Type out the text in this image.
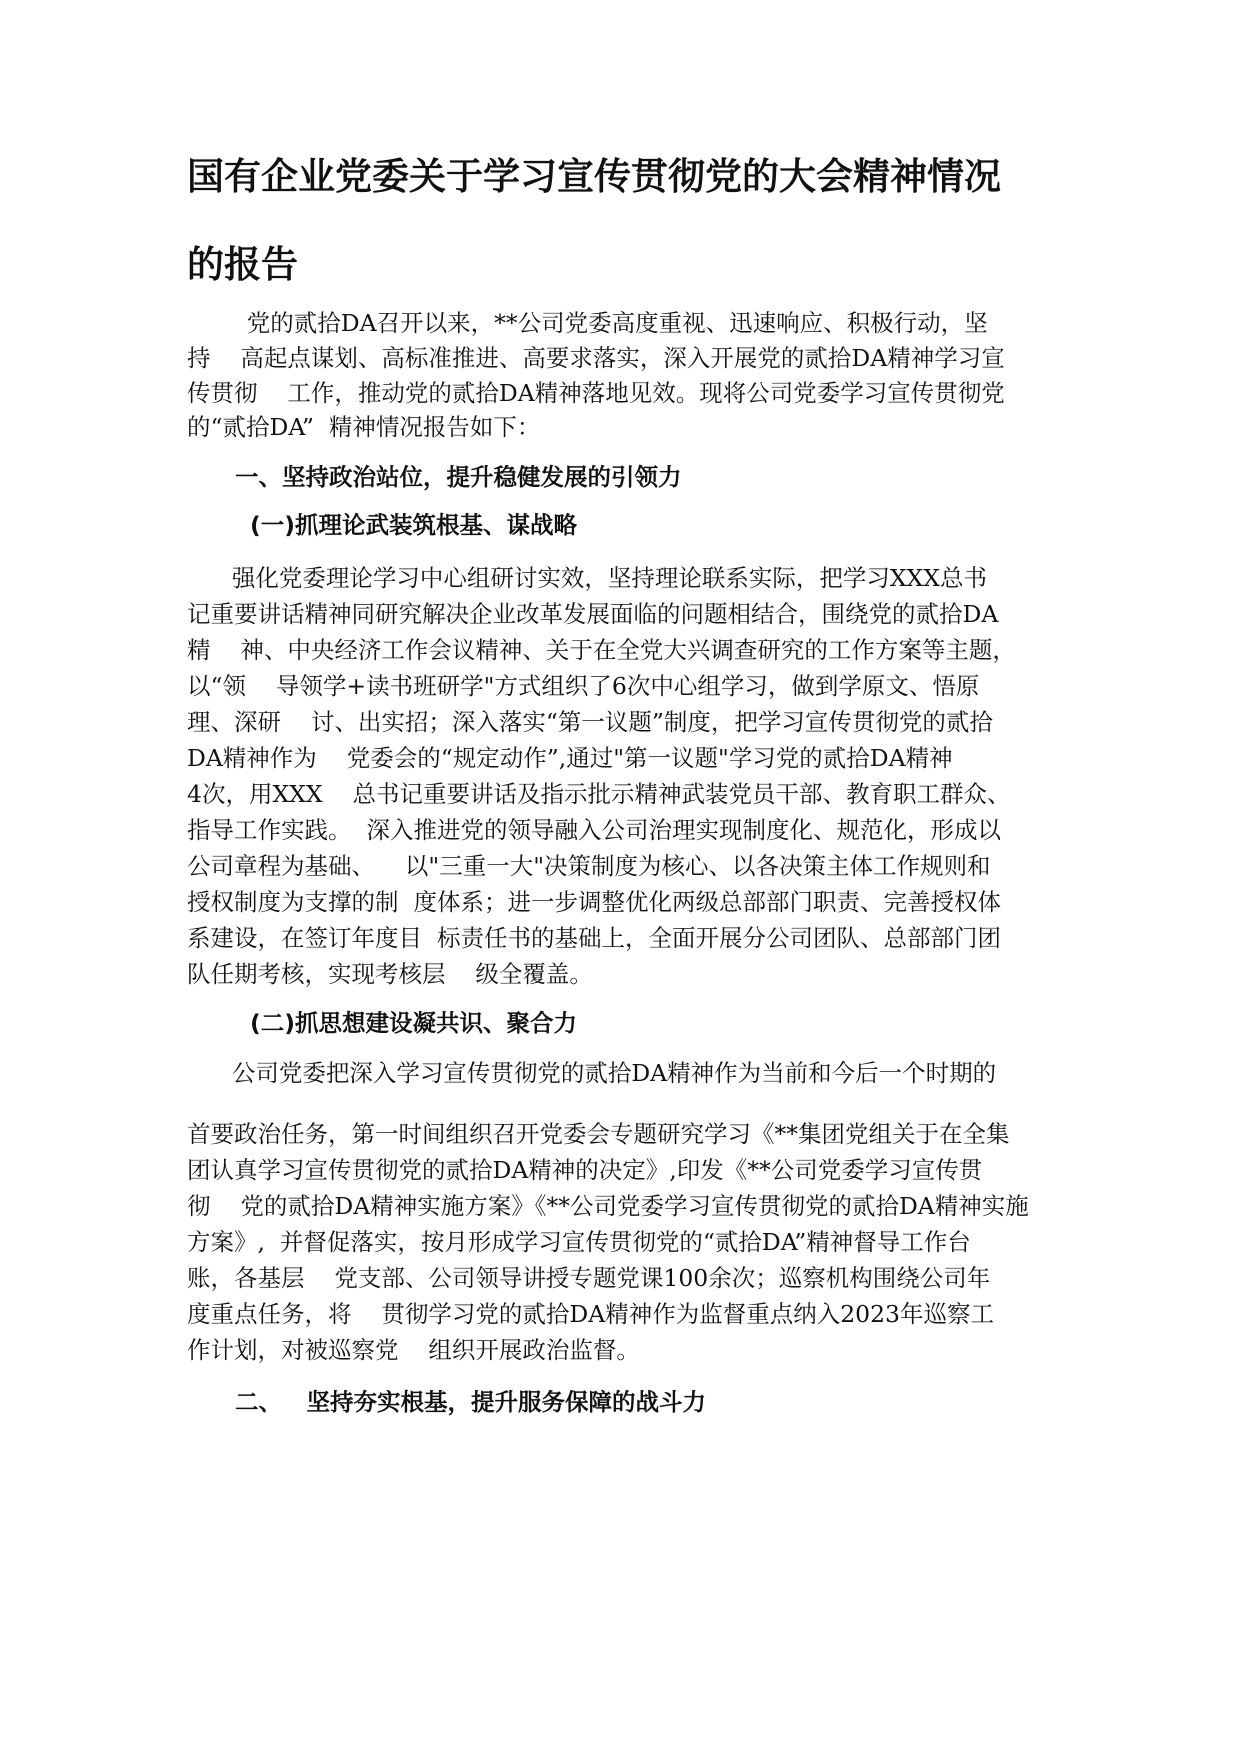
国有企业党委关于学习宣传贯彻党的大会精神情况
的报告
党的贰拾DA召开以来，**公司党委高度重视、迅速响应、积极行动，坚
持    高起点谋划、高标准推进、高要求落实，深入开展党的贰拾DA精神学习宣
传贯彻    工作，推动党的贰拾DA精神落地见效。现将公司党委学习宣传贯彻党
的“贰拾DA”  精神情况报告如下：
一、坚持政治站位，提升稳健发展的引领力
(一)抓理论武装筑根基、谋战略
强化党委理论学习中心组研讨实效，坚持理论联系实际，把学习XXX总书
记重要讲话精神同研究解决企业改革发展面临的问题相结合，围绕党的贰拾DA
精    神、中央经济工作会议精神、关于在全党大兴调查研究的工作方案等主题，
以“领    导领学+读书班研学"方式组织了6次中心组学习，做到学原文、悟原
理、深研    讨、出实招；深入落实“第一议题”制度，把学习宣传贯彻党的贰拾
DA精神作为    党委会的“规定动作”,通过"第一议题"学习党的贰拾DA精神
4次，用XXX    总书记重要讲话及指示批示精神武装党员干部、教育职工群众、
指导工作实践。  深入推进党的领导融入公司治理实现制度化、规范化，形成以
公司章程为基础、    以"三重一大"决策制度为核心、以各决策主体工作规则和
授权制度为支撑的制  度体系；进一步调整优化两级总部部门职责、完善授权体
系建设，在签订年度目  标责任书的基础上，全面开展分公司团队、总部部门团
队任期考核，实现考核层    级全覆盖。
(二)抓思想建设凝共识、聚合力
公司党委把深入学习宣传贯彻党的贰拾DA精神作为当前和今后一个时期的
首要政治任务，第一时间组织召开党委会专题研究学习《**集团党组关于在全集
团认真学习宣传贯彻党的贰拾DA精神的决定》,印发《**公司党委学习宣传贯
彻    党的贰拾DA精神实施方案》《**公司党委学习宣传贯彻党的贰拾DA精神实施
方案》,  并督促落实，按月形成学习宣传贯彻党的“贰拾DA”精神督导工作台
账，各基层    党支部、公司领导讲授专题党课100余次；巡察机构围绕公司年
度重点任务，将    贯彻学习党的贰拾DA精神作为监督重点纳入2023年巡察工
作计划，对被巡察党    组织开展政治监督。
二、   坚持夯实根基，提升服务保障的战斗力
